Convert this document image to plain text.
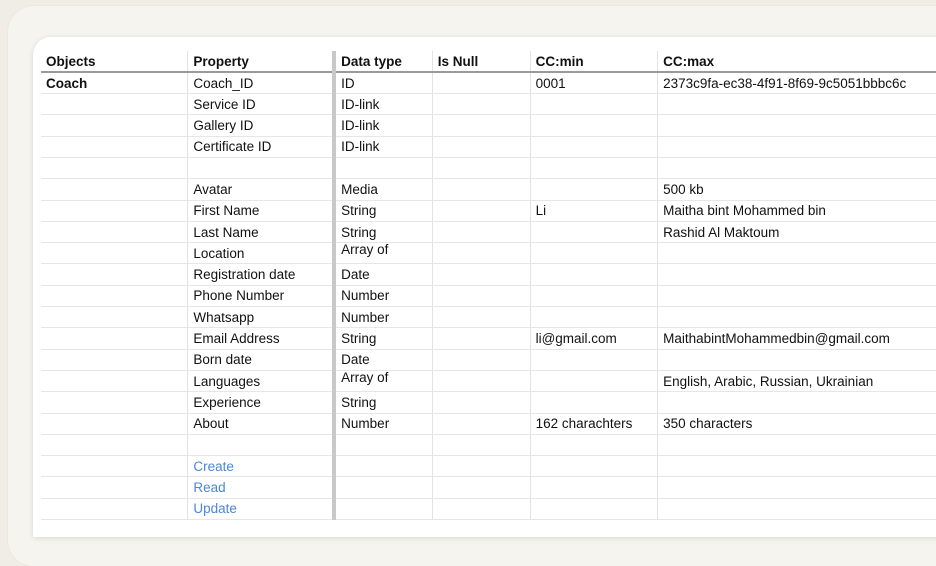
Objects	Property	Data type	Is Null	CC:min	CC:max
Coach	Coach_ID	ID		0001	2373c9fa-ec38-4f91-8f69-9c5051bbbc6c
	Service ID	ID-link			
	Gallery ID	ID-link			
	Certificate ID	ID-link			

	Avatar	Media			500 kb
	First Name	String		Li	Maitha bint Mohammed bin
	Last Name	String			Rashid Al Maktoum
	Location	Array of			
	Registration date	Date			
	Phone Number	Number			
	Whatsapp	Number			
	Email Address	String		li@gmail.com	MaithabintMohammedbin@gmail.com
	Born date	Date			
	Languages	Array of			English, Arabic, Russian, Ukrainian
	Experience	String			
	About	Number		162 charachters	350 characters

	Create				
	Read				
	Update				
